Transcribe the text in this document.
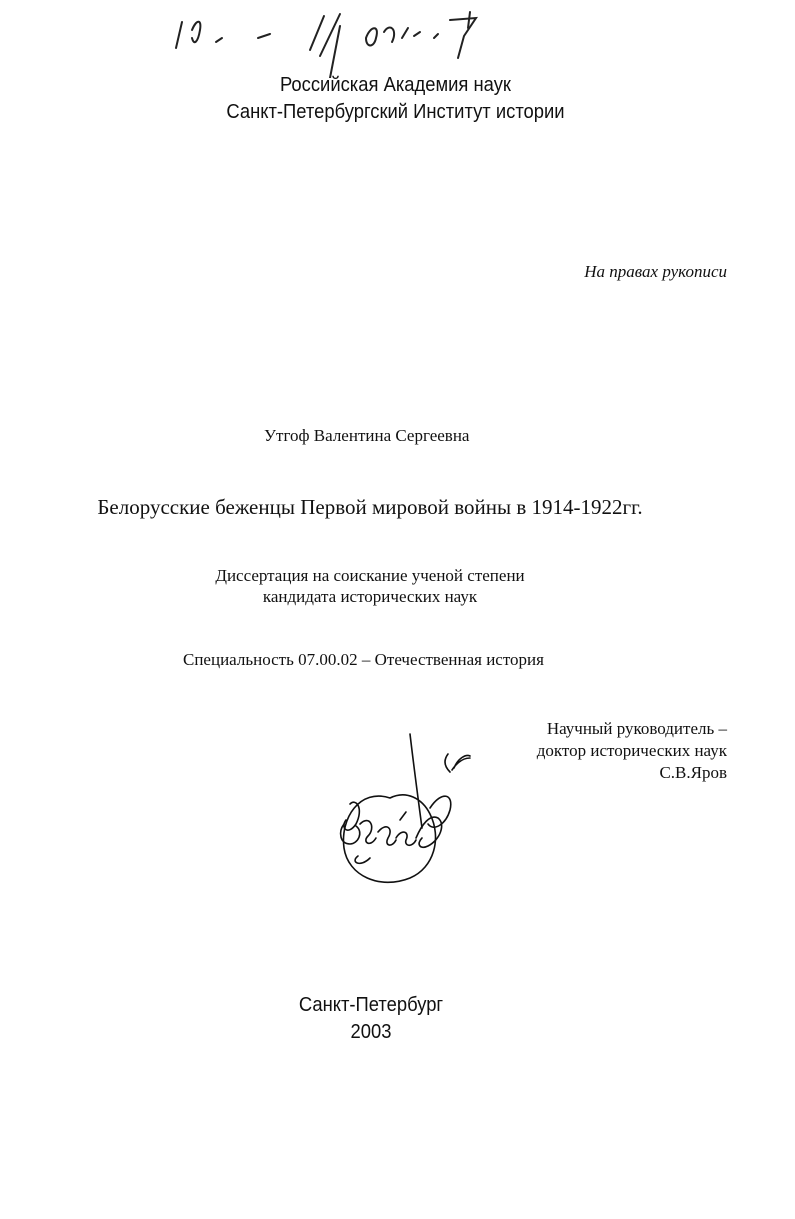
Российская Академия наук
Санкт-Петербургский Институт истории
На правах рукописи
Утгоф Валентина Сергеевна
Белорусские беженцы Первой мировой войны в 1914-1922гг.
Диссертация на соискание ученой степени
кандидата исторических наук
Специальность 07.00.02 – Отечественная история
Научный руководитель –
доктор исторических наук
С.В.Яров
Санкт-Петербург
2003
